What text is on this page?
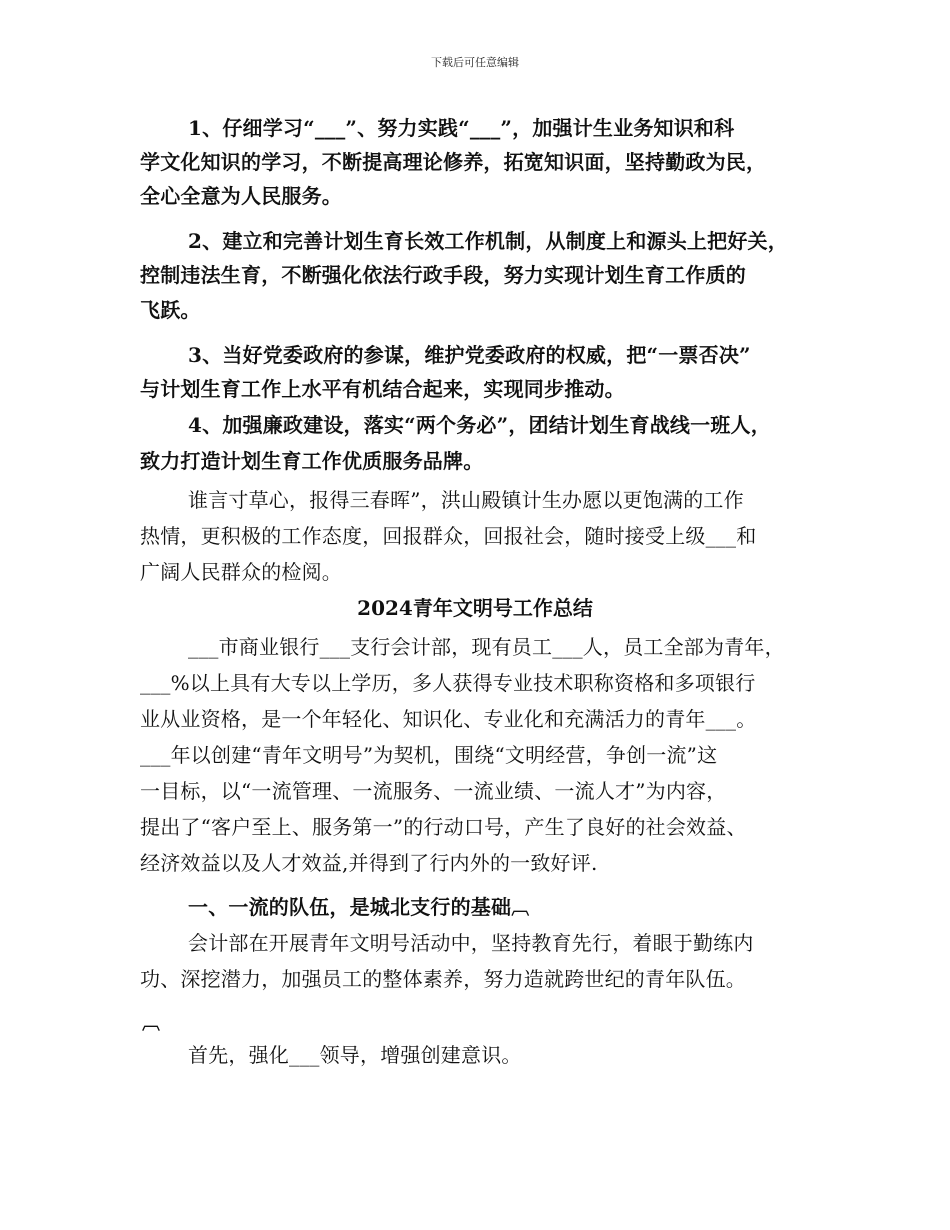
下载后可任意编辑
1、仔细学习“___”、努力实践“___”，加强计生业务知识和科
学文化知识的学习，不断提高理论修养，拓宽知识面，坚持勤政为民，
全心全意为人民服务。
2、建立和完善计划生育长效工作机制，从制度上和源头上把好关，
控制违法生育，不断强化依法行政手段，努力实现计划生育工作质的
飞跃。
3、当好党委政府的参谋，维护党委政府的权威，把“一票否决”
与计划生育工作上水平有机结合起来，实现同步推动。
4、加强廉政建设，落实“两个务必”，团结计划生育战线一班人，
致力打造计划生育工作优质服务品牌。
谁言寸草心，报得三春晖”，洪山殿镇计生办愿以更饱满的工作
热情，更积极的工作态度，回报群众，回报社会，随时接受上级___和
广阔人民群众的检阅。
2024青年文明号工作总结
___市商业银行___支行会计部，现有员工___人，员工全部为青年，
___%以上具有大专以上学历，多人获得专业技术职称资格和多项银行
业从业资格，是一个年轻化、知识化、专业化和充满活力的青年___。
___年以创建“青年文明号”为契机，围绕“文明经营，争创一流”这
一目标，以“一流管理、一流服务、一流业绩、一流人才”为内容，
提出了“客户至上、服务第一”的行动口号，产生了良好的社会效益、
经济效益以及人才效益,并得到了行内外的一致好评.
一、一流的队伍，是城北支行的基础︹
会计部在开展青年文明号活动中，坚持教育先行，着眼于勤练内
功、深挖潜力，加强员工的整体素养，努力造就跨世纪的青年队伍。
︹
首先，强化___领导，增强创建意识。
